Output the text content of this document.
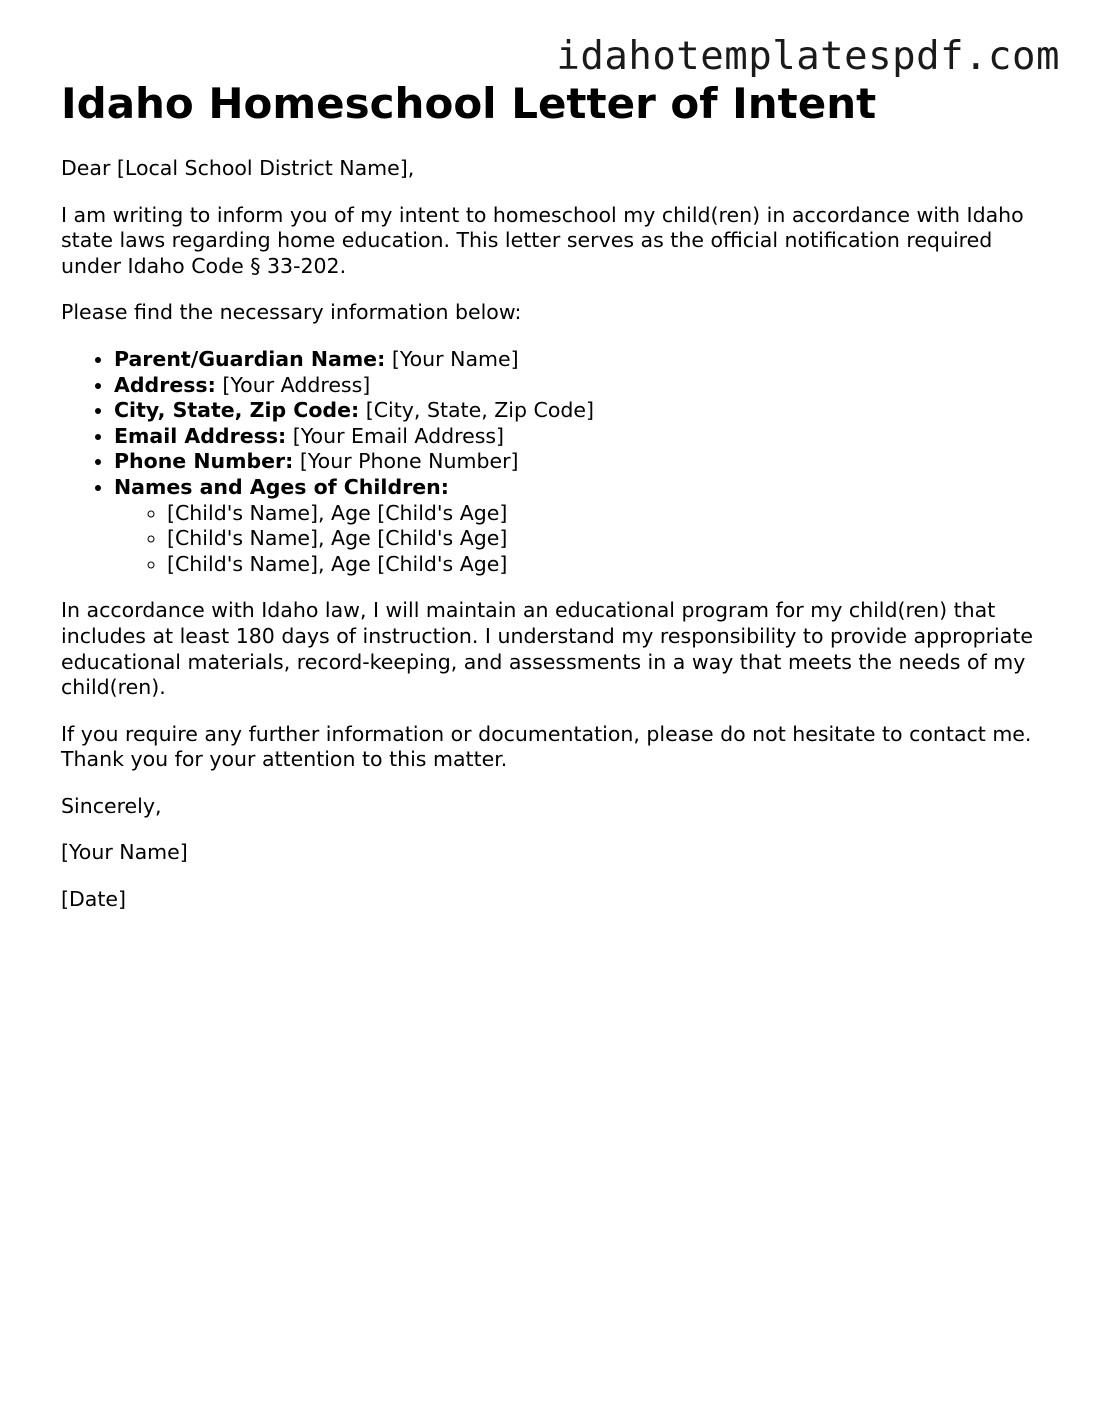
idahotemplatespdf.com
Idaho Homeschool Letter of Intent

Dear [Local School District Name],

I am writing to inform you of my intent to homeschool my child(ren) in accordance with Idaho state laws regarding home education. This letter serves as the official notification required under Idaho Code § 33-202.

Please find the necessary information below:

• Parent/Guardian Name: [Your Name]
• Address: [Your Address]
• City, State, Zip Code: [City, State, Zip Code]
• Email Address: [Your Email Address]
• Phone Number: [Your Phone Number]
• Names and Ages of Children:
◦ [Child's Name], Age [Child's Age]
◦ [Child's Name], Age [Child's Age]
◦ [Child's Name], Age [Child's Age]

In accordance with Idaho law, I will maintain an educational program for my child(ren) that includes at least 180 days of instruction. I understand my responsibility to provide appropriate educational materials, record-keeping, and assessments in a way that meets the needs of my child(ren).

If you require any further information or documentation, please do not hesitate to contact me. Thank you for your attention to this matter.

Sincerely,

[Your Name]

[Date]
